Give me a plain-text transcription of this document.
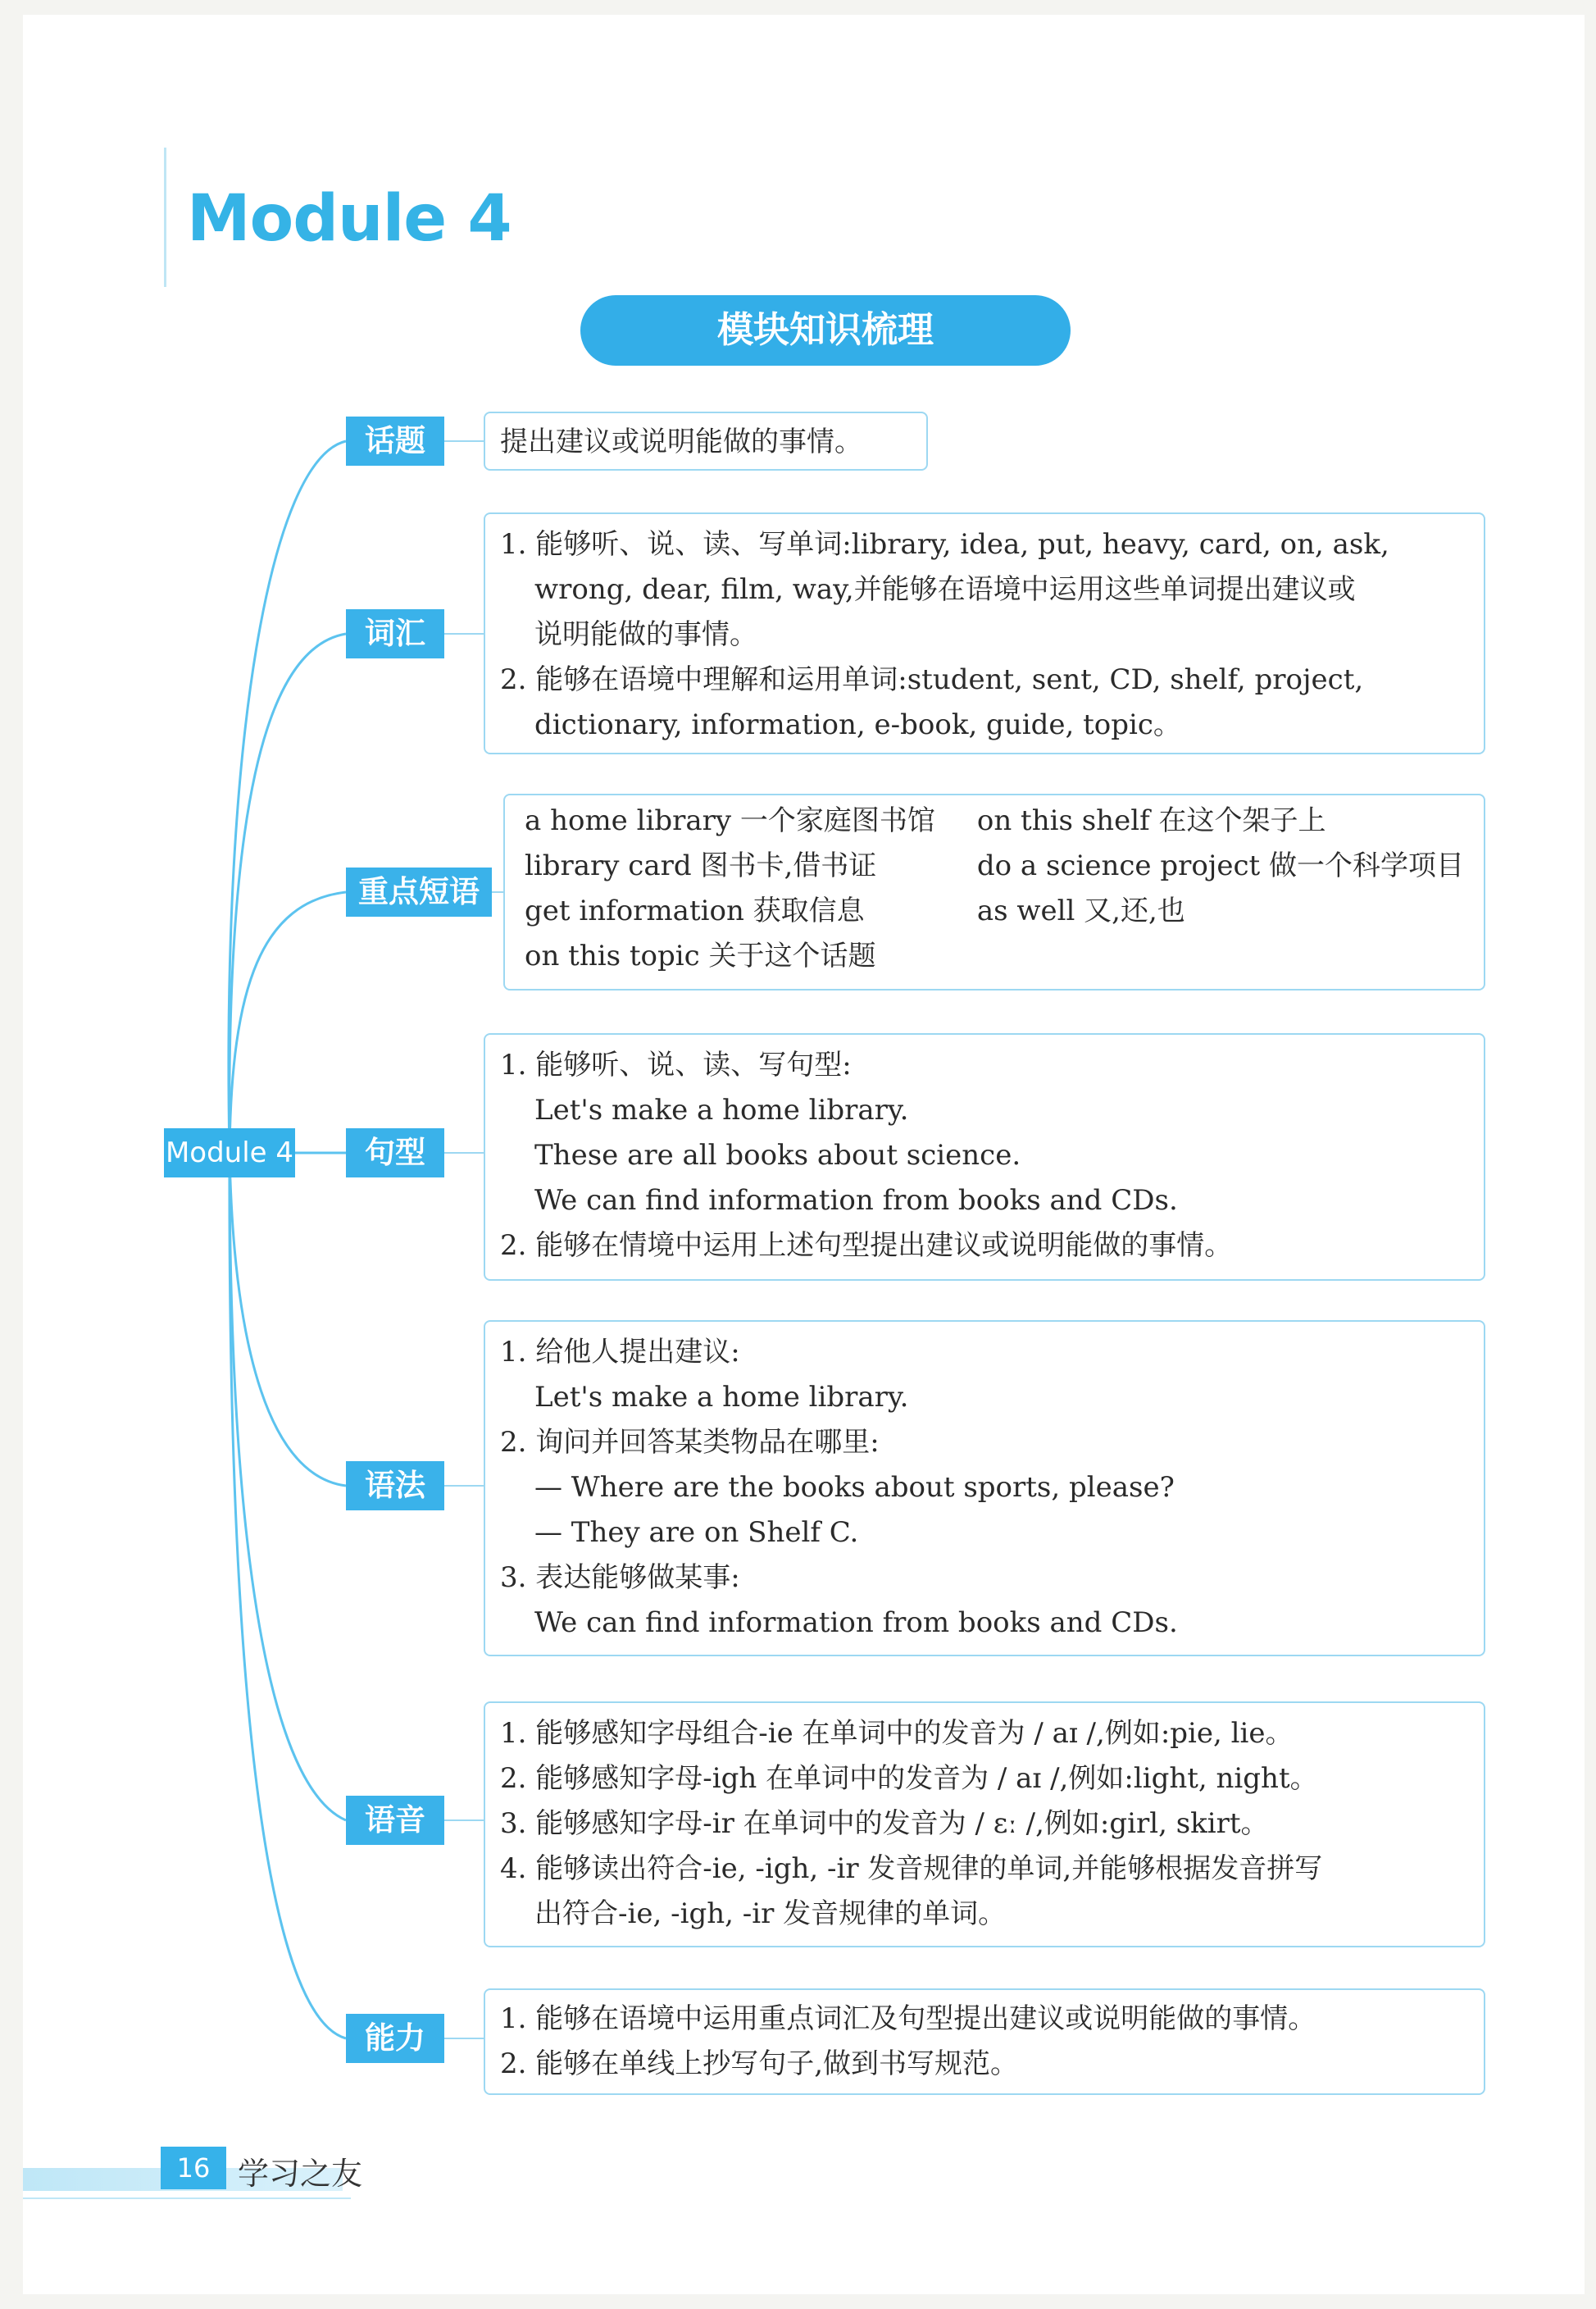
Module 4
模块知识梳理
Module 4
话题
词汇
重点短语
句型
语法
语音
能力

提出建议或说明能做的事情。

1. 能够听、说、读、写单词:library, idea, put, heavy, card, on, ask,

wrong, dear, film, way,并能够在语境中运用这些单词提出建议或

说明能做的事情。

2. 能够在语境中理解和运用单词:student, sent, CD, shelf, project,

dictionary, information, e-book, guide, topic。

a home library 一个家庭图书馆

library card 图书卡,借书证

get information 获取信息

on this topic 关于这个话题

on this shelf 在这个架子上

do a science project 做一个科学项目

as well 又,还,也

1. 能够听、说、读、写句型:

Let's make a home library.

These are all books about science.

We can find information from books and CDs.

2. 能够在情境中运用上述句型提出建议或说明能做的事情。

1. 给他人提出建议:

Let's make a home library.

2. 询问并回答某类物品在哪里:

— Where are the books about sports, please?

— They are on Shelf C.

3. 表达能够做某事:

We can find information from books and CDs.

1. 能够感知字母组合-ie 在单词中的发音为 / aɪ /,例如:pie, lie。

2. 能够感知字母-igh 在单词中的发音为 / aɪ /,例如:light, night。

3. 能够感知字母-ir 在单词中的发音为 / ɛː /,例如:girl, skirt。

4. 能够读出符合-ie, -igh, -ir 发音规律的单词,并能够根据发音拼写

出符合-ie, -igh, -ir 发音规律的单词。

1. 能够在语境中运用重点词汇及句型提出建议或说明能做的事情。

2. 能够在单线上抄写句子,做到书写规范。

16 学习之友
